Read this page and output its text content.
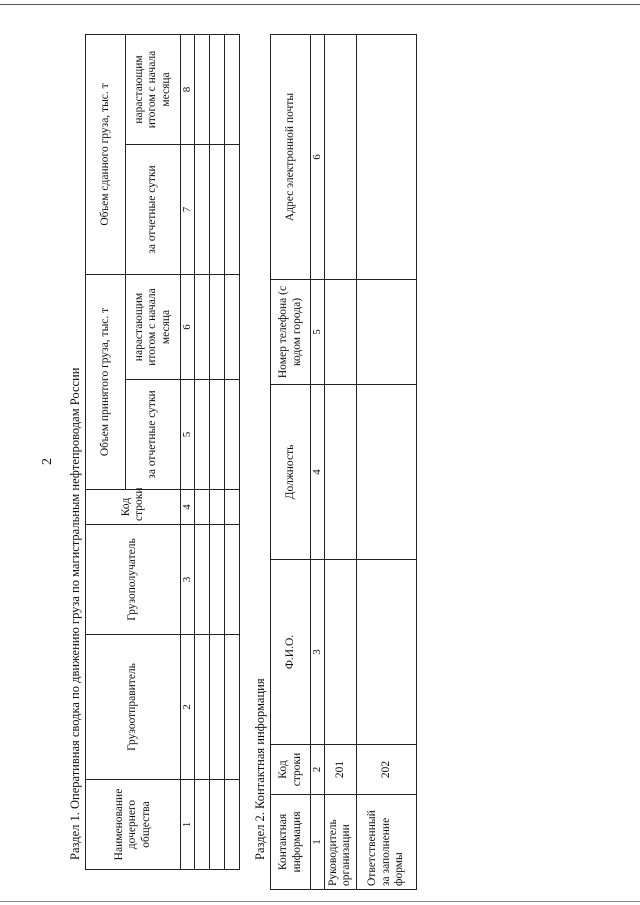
2 Раздел 1. Оперативная сводка по движению груза по магистральным нефтепроводам России	Наименование дочернего общества	Грузоотправитель	Грузополучатель	Код строки	Объем принятого груза, тыс. т		Объем сданного груза, тыс. т	
				за отчетные сутки	нарастающим итогом с начала месяца	за отчетные сутки	нарастающим итогом с начала месяца
1	2	3	4	5	6	7	8

Раздел 2. Контактная информация Контактная информация	Код строки	Ф.И.О.	Должность	Номер телефона (с кодом города)	Адрес электронной почты
1	2	3	4	5	6
Руководитель организации	201				
Ответственный за заполнение формы	202				
